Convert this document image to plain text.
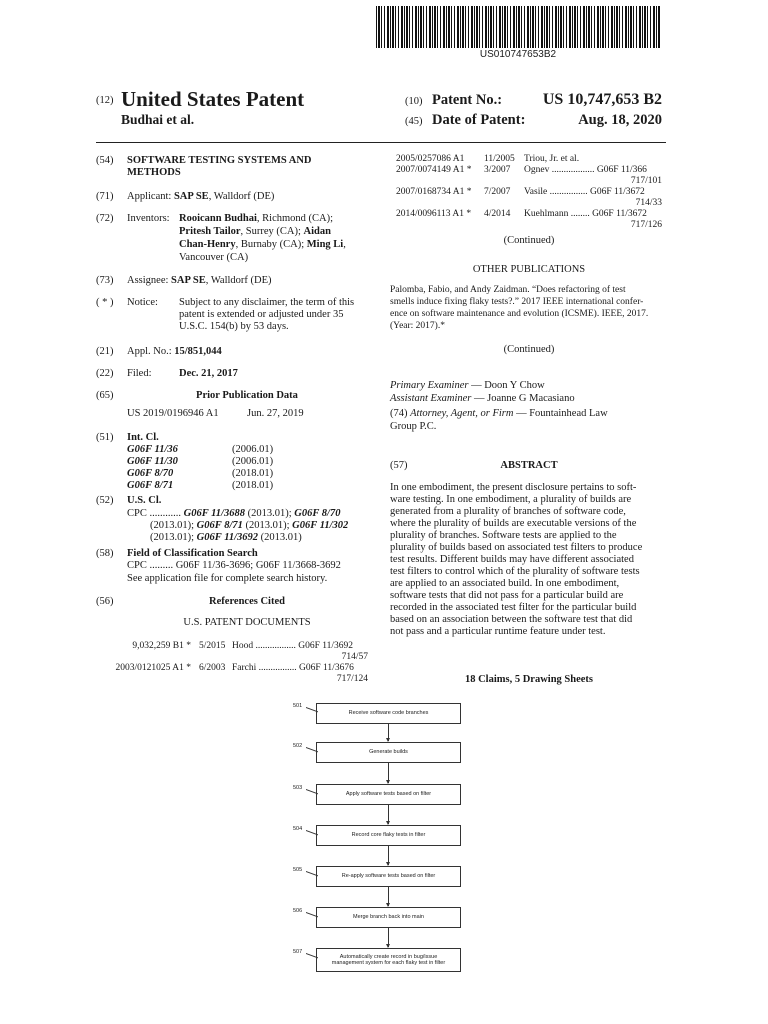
US010747653B2
(12) United States Patent
Budhai et al.
(10) Patent No.:	US 10,747,653 B2
(45) Date of Patent:	Aug. 18, 2020
(54) SOFTWARE TESTING SYSTEMS AND
METHODS
(71) Applicant: SAP SE, Walldorf (DE)
(72) Inventors: Rooicann Budhai, Richmond (CA);
Pritesh Tailor, Surrey (CA); Aidan
Chan-Henry, Burnaby (CA); Ming Li,
Vancouver (CA)
(73) Assignee: SAP SE, Walldorf (DE)
( * ) Notice: Subject to any disclaimer, the term of this
patent is extended or adjusted under 35
U.S.C. 154(b) by 53 days.
(21) Appl. No.: 15/851,044
(22) Filed:	Dec. 21, 2017
(65)	Prior Publication Data
US 2019/0196946 A1	Jun. 27, 2019
(51) Int. Cl.
G06F 11/36	(2006.01)
G06F 11/30	(2006.01)
G06F 8/70	(2018.01)
G06F 8/71	(2018.01)
(52) U.S. Cl.
CPC ............ G06F 11/3688 (2013.01); G06F 8/70
(2013.01); G06F 8/71 (2013.01); G06F 11/302
(2013.01); G06F 11/3692 (2013.01)
(58) Field of Classification Search
CPC ......... G06F 11/36-3696; G06F 11/3668-3692
See application file for complete search history.
(56)	References Cited
U.S. PATENT DOCUMENTS
9,032,259 B1 * 5/2015 Hood ................. G06F 11/3692
714/57
2003/0121025 A1 * 6/2003 Farchi ................ G06F 11/3676
717/124
2005/0257086 A1 11/2005 Triou, Jr. et al.
2007/0074149 A1 * 3/2007 Ognev .................. G06F 11/366
717/101
2007/0168734 A1 * 7/2007 Vasile ................ G06F 11/3672
714/33
2014/0096113 A1 * 4/2014 Kuehlmann ........ G06F 11/3672
717/126
(Continued)
OTHER PUBLICATIONS
Palomba, Fabio, and Andy Zaidman. “Does refactoring of test
smells induce fixing flaky tests?.” 2017 IEEE international confer-
ence on software maintenance and evolution (ICSME). IEEE, 2017.
(Year: 2017).*
(Continued)
Primary Examiner — Doon Y Chow
Assistant Examiner — Joanne G Macasiano
(74) Attorney, Agent, or Firm — Fountainhead Law
Group P.C.
(57)	ABSTRACT
In one embodiment, the present disclosure pertains to soft-
ware testing. In one embodiment, a plurality of builds are
generated from a plurality of branches of software code,
where the plurality of builds are executable versions of the
plurality of branches. Software tests are applied to the
plurality of builds based on associated test filters to produce
test results. Different builds may have different associated
test filters to control which of the plurality of software tests
are applied to an associated build. In one embodiment,
software tests that did not pass for a particular build are
recorded in the associated test filter for the particular build
based on an association between the software test that did
not pass and a particular runtime feature under test.
18 Claims, 5 Drawing Sheets
501
Receive software code branches
502
Generate builds
503
Apply software tests based on filter
504
Record core flaky tests in filter
505
Re-apply software tests based on filter
506
Merge branch back into main
507
Automatically create record in bug/issue management system for each flaky test in filter
